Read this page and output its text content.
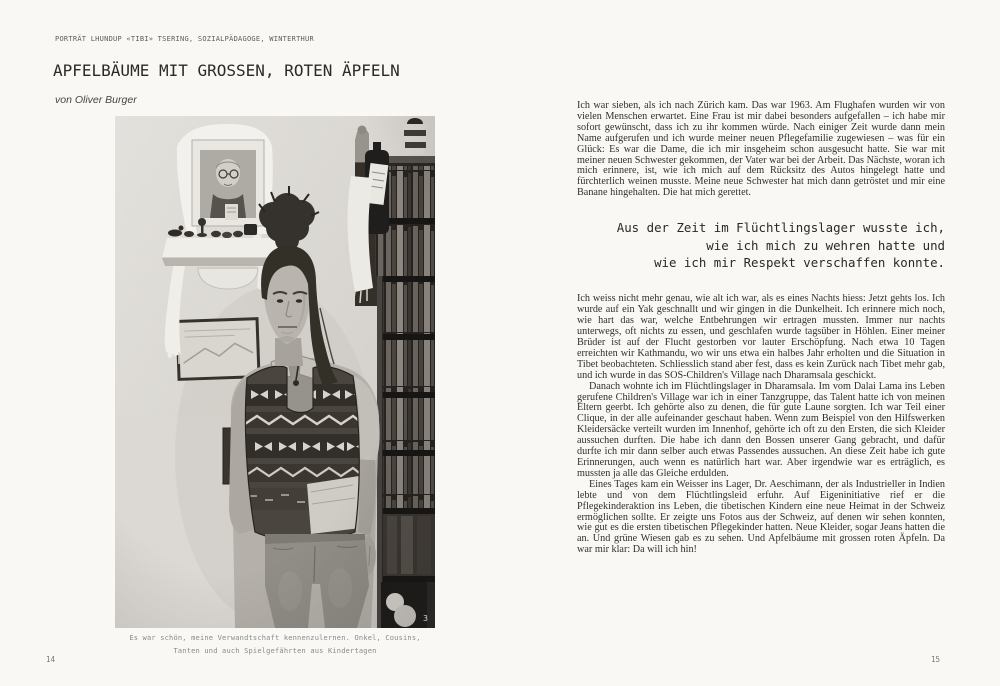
PORTRÄT LHUNDUP «TIBI» TSERING, SOZIALPÄDAGOGE, WINTERTHUR
APFELBÄUME MIT GROSSEN, ROTEN ÄPFELN
von Oliver Burger
3
Es war schön, meine Verwandtschaft kennenzulernen. Onkel, Cousins,
Tanten und auch Spielgefährten aus Kindertagen
14

Ich war sieben, als ich nach Zürich kam. Das war 1963. Am Flughafen wurden wir von vielen Menschen erwartet. Eine Frau ist mir dabei besonders aufgefallen – ich habe mir sofort gewünscht, dass ich zu ihr kommen würde. Nach einiger Zeit wurde dann mein Name aufgerufen und ich wurde meiner neuen Pflegefamilie zugewiesen – was für ein Glück: Es war die Dame, die ich mir insgeheim schon ausgesucht hatte. Sie war mit meiner neuen Schwester gekommen, der Vater war bei der Arbeit. Das Nächste, woran ich mich erinnere, ist, wie ich mich auf dem Rücksitz des Autos hingelegt hatte und fürchterlich weinen musste. Meine neue Schwester hat mich dann getröstet und mir eine Banane hingehalten. Die hat mich gerettet.

Aus der Zeit im Flüchtlingslager wusste ich,
wie ich mich zu wehren hatte und
wie ich mir Respekt verschaffen konnte.

Ich weiss nicht mehr genau, wie alt ich war, als es eines Nachts hiess: Jetzt gehts los. Ich wurde auf ein Yak geschnallt und wir gingen in die Dunkelheit. Ich erinnere mich noch, wie hart das war, welche Entbehrungen wir ertragen mussten. Immer nur nachts unterwegs, oft nichts zu essen, und geschlafen wurde tagsüber in Höhlen. Einer meiner Brüder ist auf der Flucht gestorben vor lauter Erschöpfung. Nach etwa 10 Tagen erreichten wir Kathmandu, wo wir uns etwa ein halbes Jahr erholten und die Situation in Tibet beobachteten. Schliesslich stand aber fest, dass es kein Zurück nach Tibet mehr gab, und ich wurde in das SOS-Children's Village nach Dharamsala geschickt.

Danach wohnte ich im Flüchtlingslager in Dharamsala. Im vom Dalai Lama ins Leben gerufene Children's Village war ich in einer Tanzgruppe, das Talent hatte ich von meinen Eltern geerbt. Ich gehörte also zu denen, die für gute Laune sorgten. Ich war Teil einer Clique, in der alle aufeinander geschaut haben. Wenn zum Beispiel von den Hilfswerken Kleidersäcke verteilt wurden im Innenhof, gehörte ich oft zu den Ersten, die sich Kleider aussuchen durften. Die habe ich dann den Bossen unserer Gang gebracht, und dafür durfte ich mir dann selber auch etwas Passendes aussuchen. An diese Zeit habe ich gute Erinnerungen, auch wenn es natürlich hart war. Aber irgendwie war es erträglich, es mussten ja alle das Gleiche erdulden.

Eines Tages kam ein Weisser ins Lager, Dr. Aeschimann, der als Industrieller in Indien lebte und von dem Flüchtlingsleid erfuhr. Auf Eigeninitiative rief er die Pflegekinderaktion ins Leben, die tibetischen Kindern eine neue Heimat in der Schweiz ermöglichen sollte. Er zeigte uns Fotos aus der Schweiz, auf denen wir sehen konnten, wie gut es die ersten tibetischen Pflegekinder hatten. Neue Kleider, sogar Jeans hatten die an. Und grüne Wiesen gab es zu sehen. Und Apfelbäume mit grossen roten Äpfeln. Da war mir klar: Da will ich hin!

15
